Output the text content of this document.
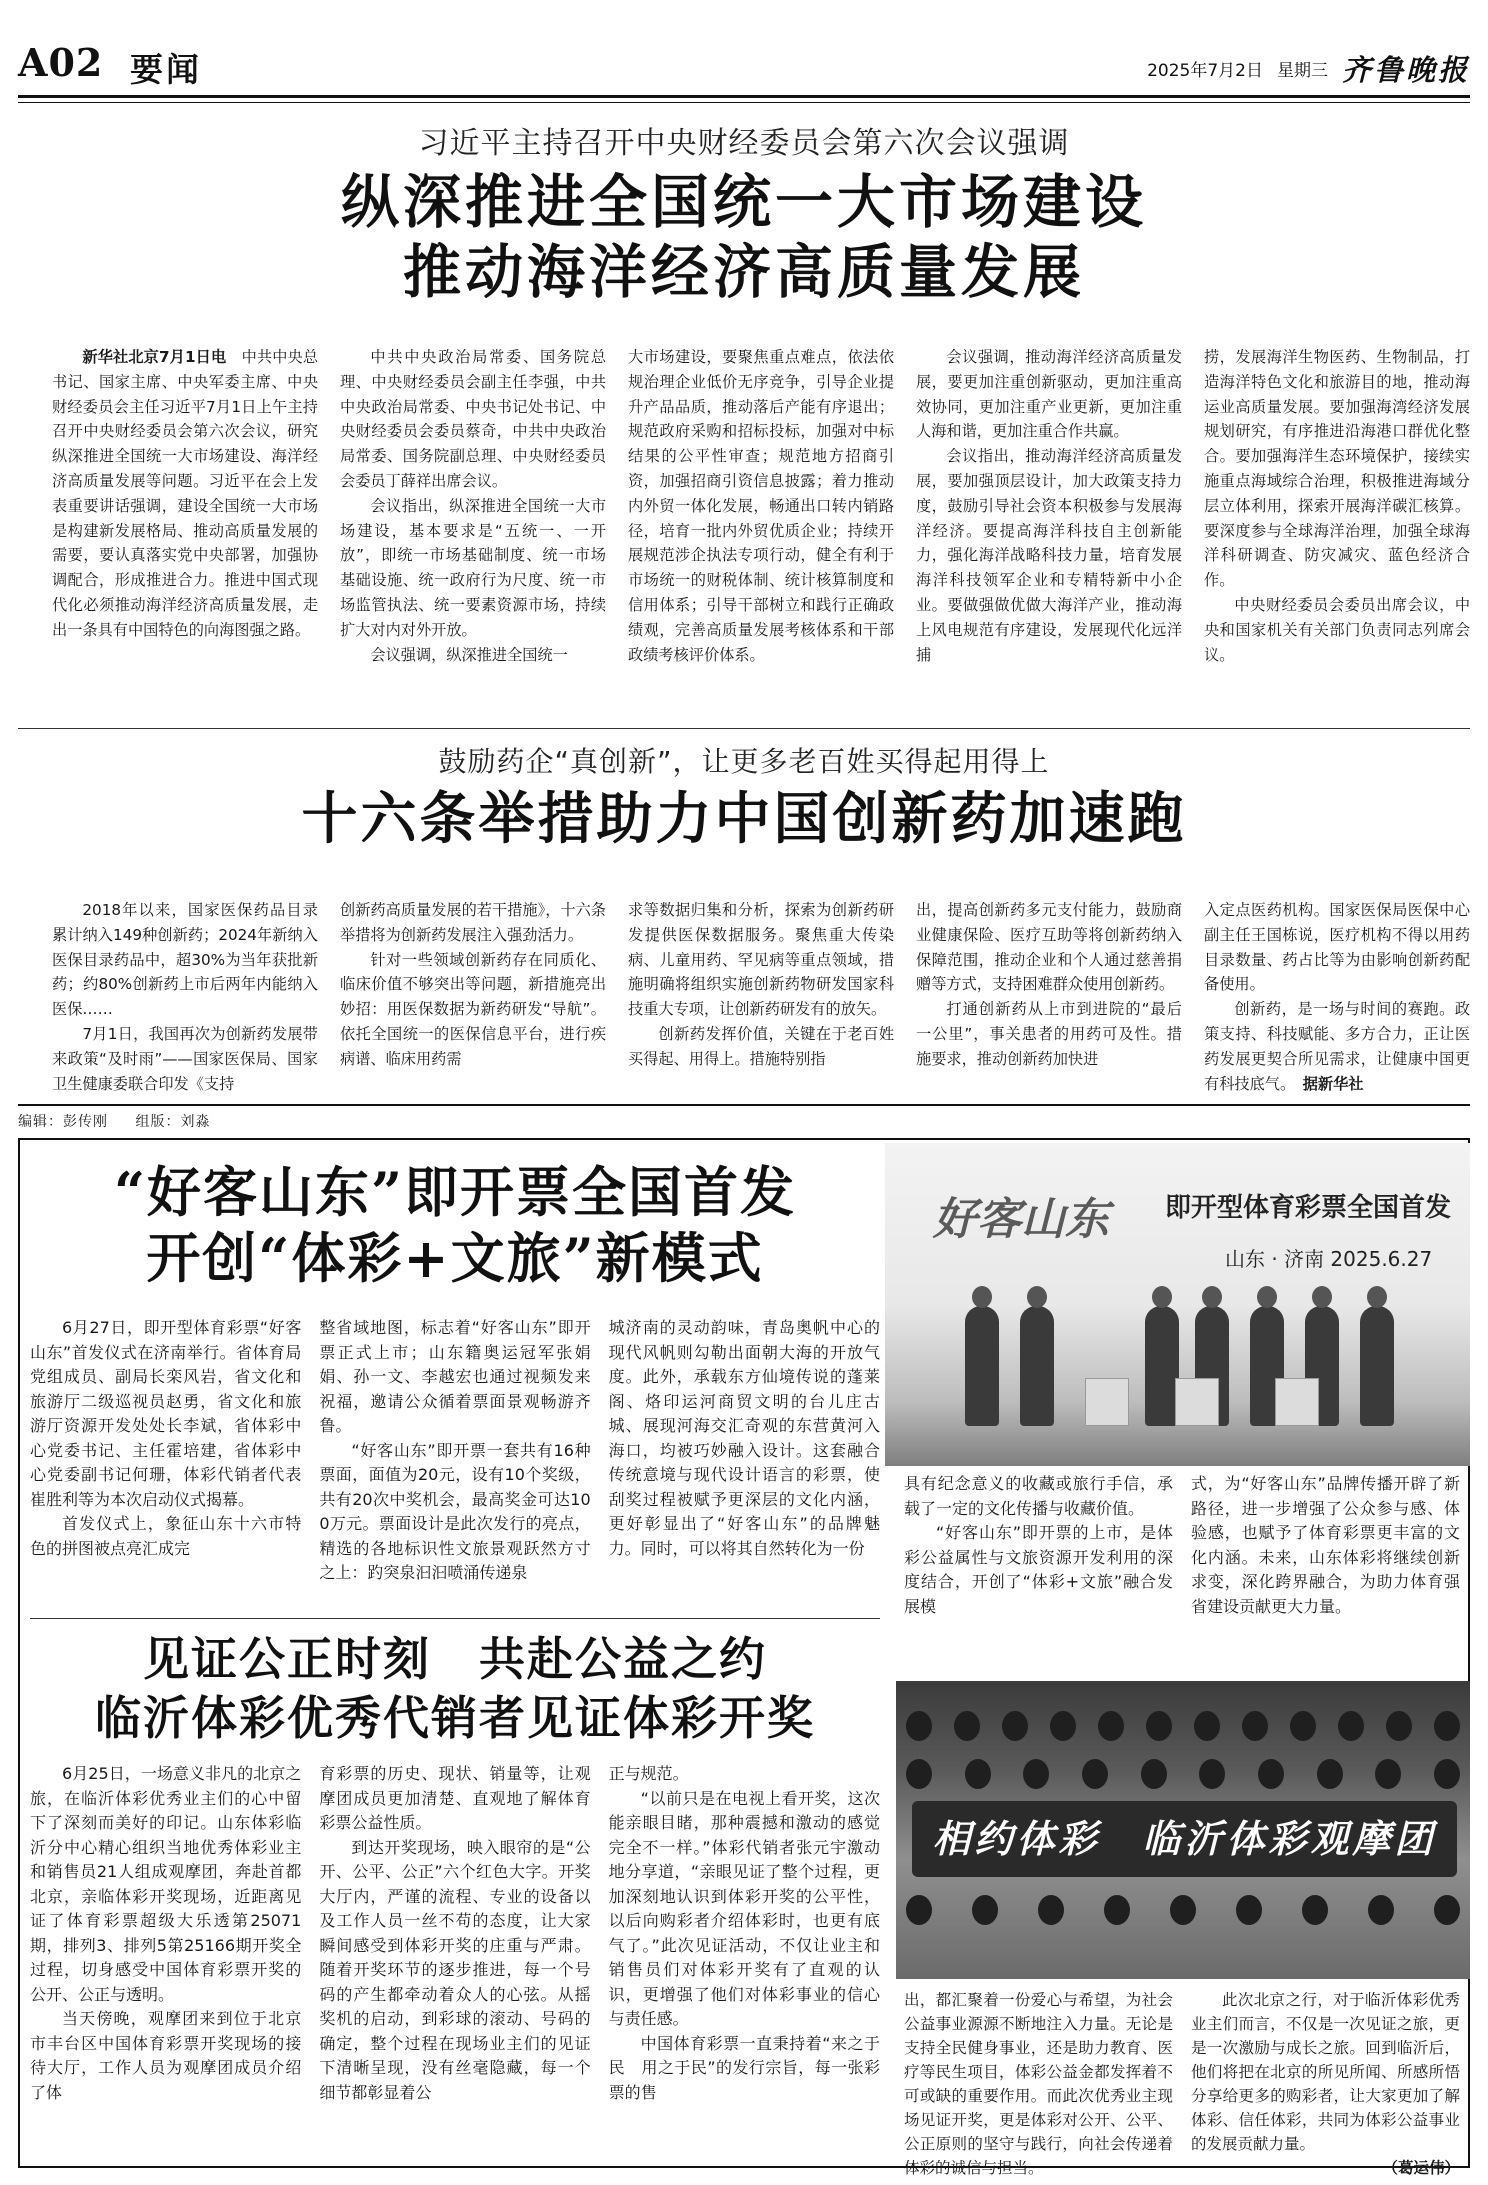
A02 要闻	2025年7月2日 星期三 齐鲁晚报
习近平主持召开中央财经委员会第六次会议强调
纵深推进全国统一大市场建设
推动海洋经济高质量发展

新华社北京7月1日电　 中共中央总书记、国家主席、中央军委主席、中央财经委员会主任习近平7月1日上午主持召开中央财经委员会第六次会议，研究纵深推进全国统一大市场建设、海洋经济高质量发展等问题。习近平在会上发表重要讲话强调，建设全国统一大市场是构建新发展格局、推动高质量发展的需要，要认真落实党中央部署，加强协调配合，形成推进合力。推进中国式现代化必须推动海洋经济高质量发展，走出一条具有中国特色的向海图强之路。

中共中央政治局常委、国务院总理、中央财经委员会副主任李强，中共中央政治局常委、中央书记处书记、中央财经委员会委员蔡奇，中共中央政治局常委、国务院副总理、中央财经委员会委员丁薛祥出席会议。

会议指出，纵深推进全国统一大市场建设，基本要求是“五统一、一开放”，即统一市场基础制度、统一市场基础设施、统一政府行为尺度、统一市场监管执法、统一要素资源市场，持续扩大对内对外开放。

会议强调，纵深推进全国统一

大市场建设，要聚焦重点难点，依法依规治理企业低价无序竞争，引导企业提升产品品质，推动落后产能有序退出；规范政府采购和招标投标，加强对中标结果的公平性审查；规范地方招商引资，加强招商引资信息披露；着力推动内外贸一体化发展，畅通出口转内销路径，培育一批内外贸优质企业；持续开展规范涉企执法专项行动，健全有利于市场统一的财税体制、统计核算制度和信用体系；引导干部树立和践行正确政绩观，完善高质量发展考核体系和干部政绩考核评价体系。

会议强调，推动海洋经济高质量发展，要更加注重创新驱动，更加注重高效协同，更加注重产业更新，更加注重人海和谐，更加注重合作共赢。

会议指出，推动海洋经济高质量发展，要加强顶层设计，加大政策支持力度，鼓励引导社会资本积极参与发展海洋经济。要提高海洋科技自主创新能力，强化海洋战略科技力量，培育发展海洋科技领军企业和专精特新中小企业。要做强做优做大海洋产业，推动海上风电规范有序建设，发展现代化远洋捕

捞，发展海洋生物医药、生物制品，打造海洋特色文化和旅游目的地，推动海运业高质量发展。要加强海湾经济发展规划研究，有序推进沿海港口群优化整合。要加强海洋生态环境保护，接续实施重点海域综合治理，积极推进海域分层立体利用，探索开展海洋碳汇核算。要深度参与全球海洋治理，加强全球海洋科研调查、防灾减灾、蓝色经济合作。

中央财经委员会委员出席会议，中央和国家机关有关部门负责同志列席会议。

鼓励药企“真创新”，让更多老百姓买得起用得上
十六条举措助力中国创新药加速跑

2018年以来，国家医保药品目录累计纳入149种创新药；2024年新纳入医保目录药品中，超30%为当年获批新药；约80%创新药上市后两年内能纳入医保……

7月1日，我国再次为创新药发展带来政策“及时雨”——国家医保局、国家卫生健康委联合印发《支持

创新药高质量发展的若干措施》，十六条举措将为创新药发展注入强劲活力。

针对一些领域创新药存在同质化、临床价值不够突出等问题，新措施亮出妙招：用医保数据为新药研发“导航”。依托全国统一的医保信息平台，进行疾病谱、临床用药需

求等数据归集和分析，探索为创新药研发提供医保数据服务。聚焦重大传染病、儿童用药、罕见病等重点领域，措施明确将组织实施创新药物研发国家科技重大专项，让创新药研发有的放矢。

创新药发挥价值，关键在于老百姓买得起、用得上。措施特别指

出，提高创新药多元支付能力，鼓励商业健康保险、医疗互助等将创新药纳入保障范围，推动企业和个人通过慈善捐赠等方式，支持困难群众使用创新药。

打通创新药从上市到进院的“最后一公里”，事关患者的用药可及性。措施要求，推动创新药加快进

入定点医药机构。国家医保局医保中心副主任王国栋说，医疗机构不得以用药目录数量、药占比等为由影响创新药配备使用。

创新药，是一场与时间的赛跑。政策支持、科技赋能、多方合力，正让医药发展更契合所见需求，让健康中国更有科技底气。　 据新华社

编辑：彭传刚 组版：刘淼
“好客山东”即开票全国首发
开创“体彩+文旅”新模式
好客山东 即开型体育彩票全国首发
山东 · 济南 2025.6.27

6月27日，即开型体育彩票“好客山东”首发仪式在济南举行。省体育局党组成员、副局长栾风岩，省文化和旅游厅二级巡视员赵勇，省文化和旅游厅资源开发处处长李斌，省体彩中心党委书记、主任霍培建，省体彩中心党委副书记何珊，体彩代销者代表崔胜利等为本次启动仪式揭幕。

首发仪式上，象征山东十六市特色的拼图被点亮汇成完

整省域地图，标志着“好客山东”即开票正式上市；山东籍奥运冠军张娟娟、孙一文、李越宏也通过视频发来祝福，邀请公众循着票面景观畅游齐鲁。

“好客山东”即开票一套共有16种票面，面值为20元，设有10个奖级，共有20次中奖机会，最高奖金可达100万元。票面设计是此次发行的亮点，精选的各地标识性文旅景观跃然方寸之上：趵突泉汩汩喷涌传递泉

城济南的灵动韵味，青岛奥帆中心的现代风帆则勾勒出面朝大海的开放气度。此外，承载东方仙境传说的蓬莱阁、烙印运河商贸文明的台儿庄古城、展现河海交汇奇观的东营黄河入海口，均被巧妙融入设计。这套融合传统意境与现代设计语言的彩票，使刮奖过程被赋予更深层的文化内涵，更好彰显出了“好客山东”的品牌魅力。同时，可以将其自然转化为一份

具有纪念意义的收藏或旅行手信，承载了一定的文化传播与收藏价值。

“好客山东”即开票的上市，是体彩公益属性与文旅资源开发利用的深度结合，开创了“体彩+文旅”融合发展模

式，为“好客山东”品牌传播开辟了新路径，进一步增强了公众参与感、体验感，也赋予了体育彩票更丰富的文化内涵。未来，山东体彩将继续创新求变，深化跨界融合，为助力体育强省建设贡献更大力量。

见证公正时刻　共赴公益之约
临沂体彩优秀代销者见证体彩开奖
相约体彩　临沂体彩观摩团

6月25日，一场意义非凡的北京之旅，在临沂体彩优秀业主们的心中留下了深刻而美好的印记。山东体彩临沂分中心精心组织当地优秀体彩业主和销售员21人组成观摩团，奔赴首都北京，亲临体彩开奖现场，近距离见证了体育彩票超级大乐透第25071期，排列3、排列5第25166期开奖全过程，切身感受中国体育彩票开奖的公开、公正与透明。

当天傍晚，观摩团来到位于北京市丰台区中国体育彩票开奖现场的接待大厅，工作人员为观摩团成员介绍了体

育彩票的历史、现状、销量等，让观摩团成员更加清楚、直观地了解体育彩票公益性质。

到达开奖现场，映入眼帘的是“公开、公平、公正”六个红色大字。开奖大厅内，严谨的流程、专业的设备以及工作人员一丝不苟的态度，让大家瞬间感受到体彩开奖的庄重与严肃。随着开奖环节的逐步推进，每一个号码的产生都牵动着众人的心弦。从摇奖机的启动，到彩球的滚动、号码的确定，整个过程在现场业主们的见证下清晰呈现，没有丝毫隐藏，每一个细节都彰显着公

正与规范。

“以前只是在电视上看开奖，这次能亲眼目睹，那种震撼和激动的感觉完全不一样。”体彩代销者张元宇激动地分享道，“亲眼见证了整个过程，更加深刻地认识到体彩开奖的公平性，以后向购彩者介绍体彩时，也更有底气了。”此次见证活动，不仅让业主和销售员们对体彩开奖有了直观的认识，更增强了他们对体彩事业的信心与责任感。

中国体育彩票一直秉持着“来之于民　用之于民”的发行宗旨，每一张彩票的售

出，都汇聚着一份爱心与希望，为社会公益事业源源不断地注入力量。无论是支持全民健身事业，还是助力教育、医疗等民生项目，体彩公益金都发挥着不可或缺的重要作用。而此次优秀业主现场见证开奖，更是体彩对公开、公平、公正原则的坚守与践行，向社会传递着体彩的诚信与担当。

此次北京之行，对于临沂体彩优秀业主们而言，不仅是一次见证之旅，更是一次激励与成长之旅。回到临沂后，他们将把在北京的所见所闻、所感所悟分享给更多的购彩者，让大家更加了解体彩、信任体彩，共同为体彩公益事业的发展贡献力量。

（葛运伟）
